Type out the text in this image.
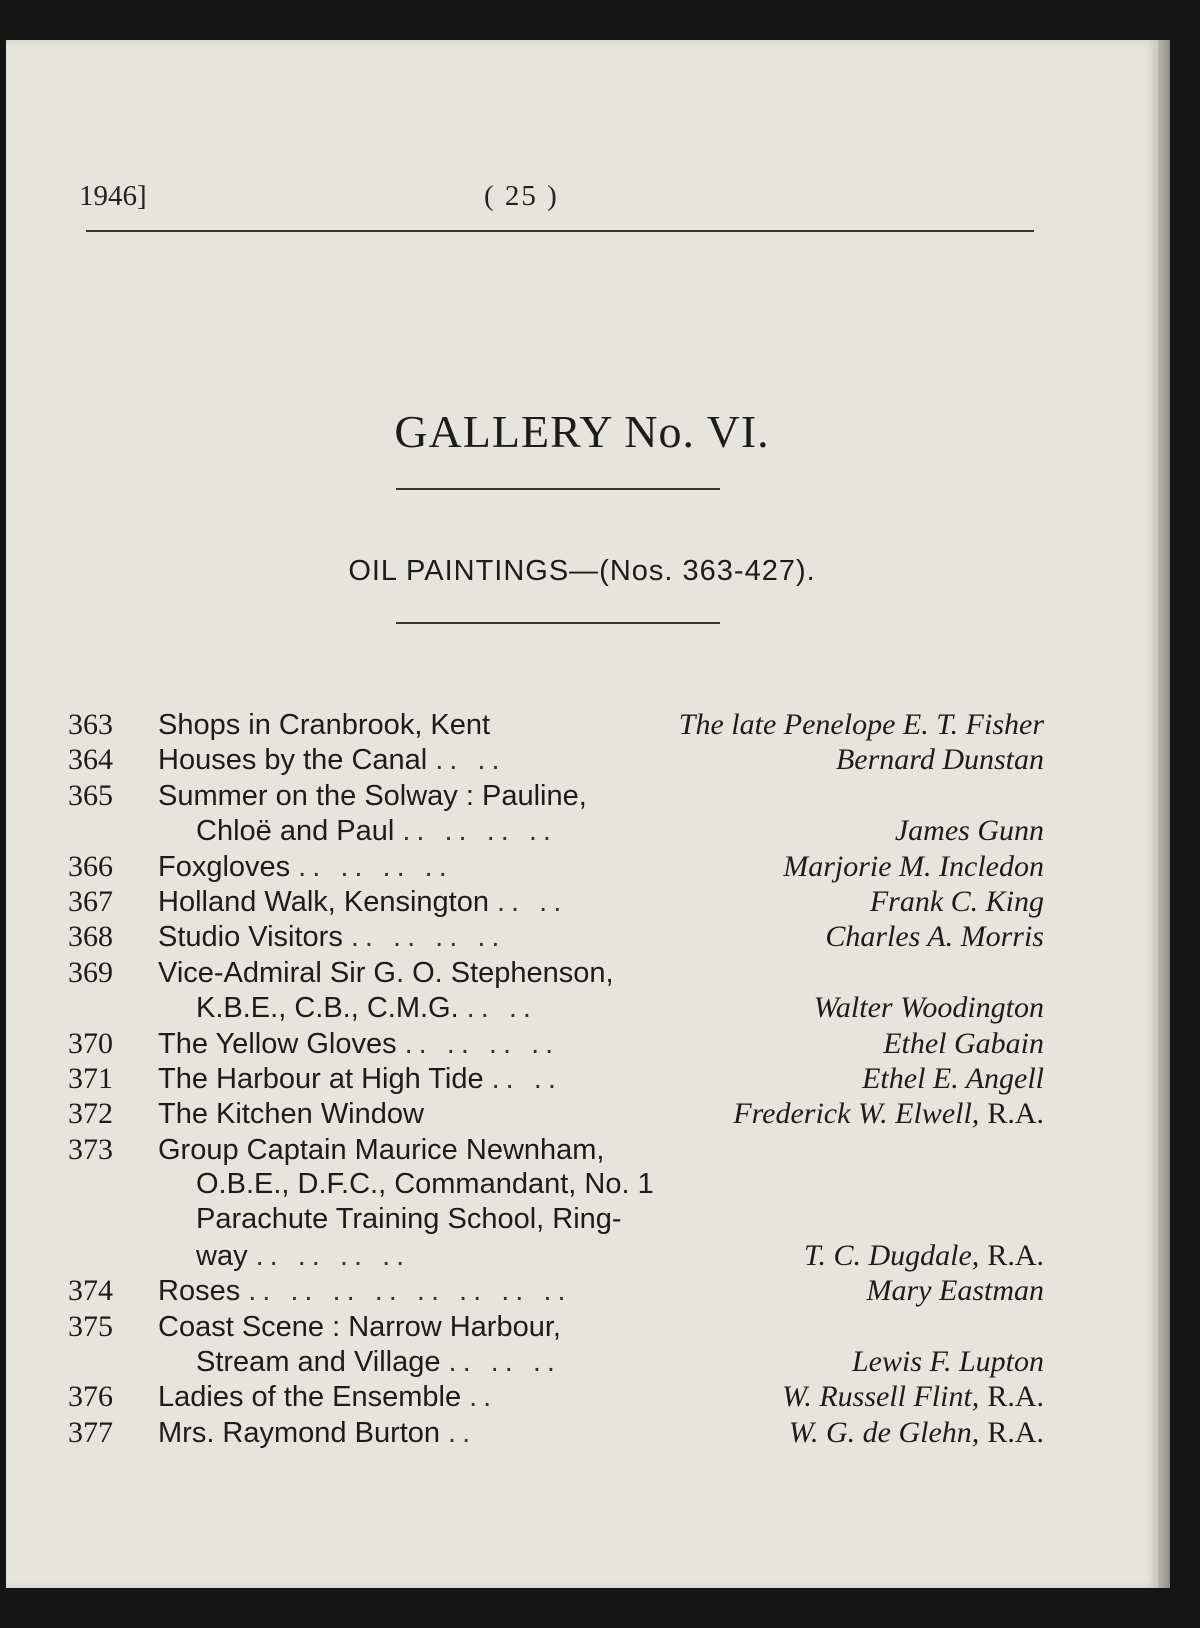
1946]	( 25 )
GALLERY No. VI.
OIL PAINTINGS—(Nos. 363-427).
363	Shops in Cranbrook, Kent	The late Penelope E. T. Fisher
364	Houses by the Canal .. ..	Bernard Dunstan
365	Summer on the Solway : Pauline,
Chloë and Paul .. .. .. ..	James Gunn
366	Foxgloves .. .. .. ..	Marjorie M. Incledon
367	Holland Walk, Kensington .. ..	Frank C. King
368	Studio Visitors .. .. .. ..	Charles A. Morris
369	Vice-Admiral Sir G. O. Stephenson,
K.B.E., C.B., C.M.G. .. ..	Walter Woodington
370	The Yellow Gloves .. .. .. ..	Ethel Gabain
371	The Harbour at High Tide .. ..	Ethel E. Angell
372	The Kitchen Window	Frederick W. Elwell, R.A.
373	Group Captain Maurice Newnham,
O.B.E., D.F.C., Commandant, No. 1
Parachute Training School, Ring-
way .. .. .. ..	T. C. Dugdale, R.A.
374	Roses .. .. .. .. .. .. .. ..	Mary Eastman
375	Coast Scene : Narrow Harbour,
Stream and Village .. .. ..	Lewis F. Lupton
376	Ladies of the Ensemble ..	W. Russell Flint, R.A.
377	Mrs. Raymond Burton ..	W. G. de Glehn, R.A.
